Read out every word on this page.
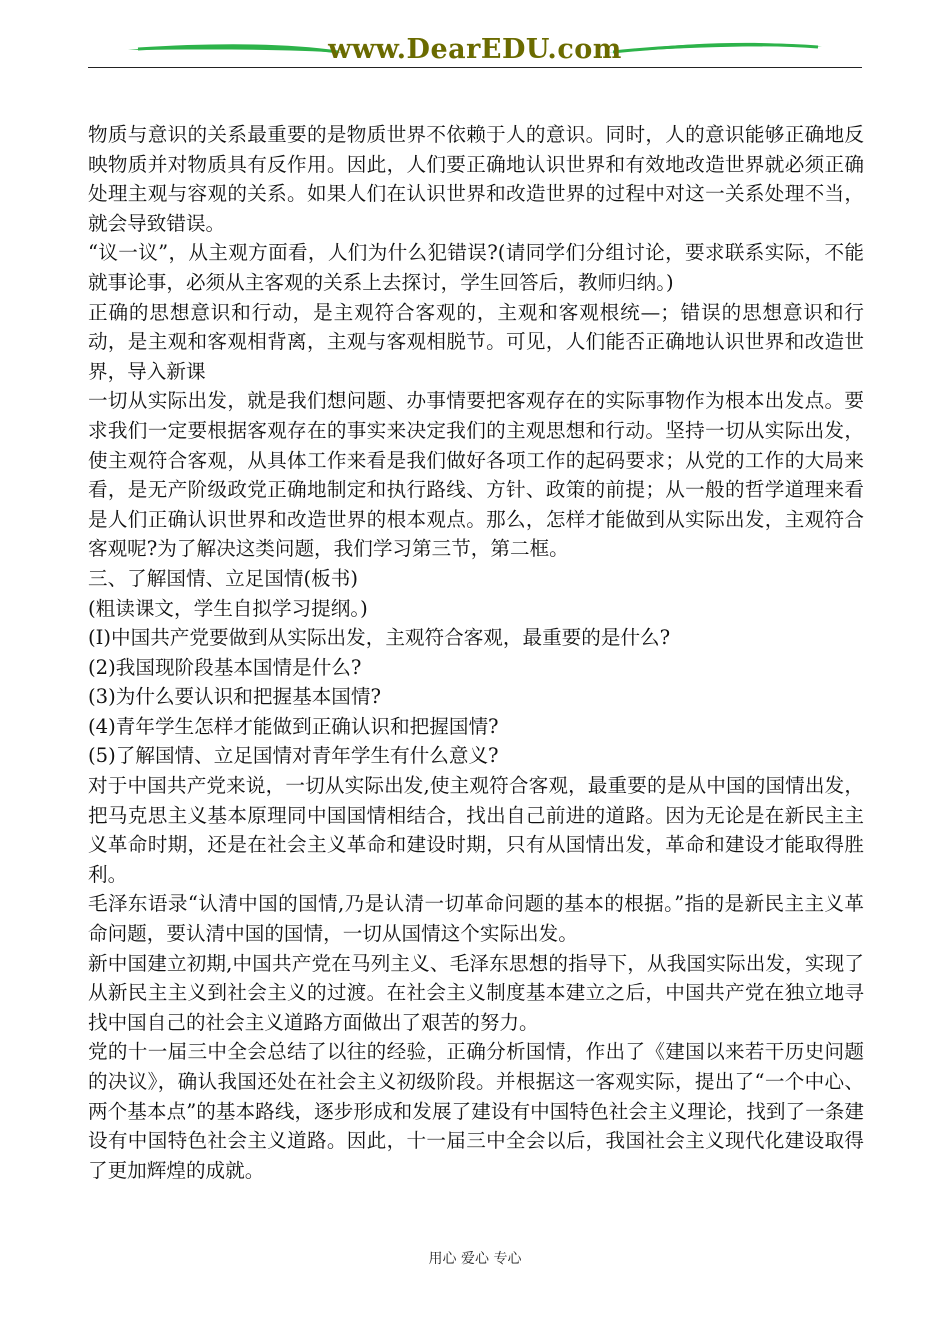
www.DearEDU.com

物质与意识的关系最重要的是物质世界不依赖于人的意识。同时，人的意识能够正确地反映物质并对物质具有反作用。因此，人们要正确地认识世界和有效地改造世界就必须正确处理主观与容观的关系。如果人们在认识世界和改造世界的过程中对这一关系处理不当，就会导致错误。

“议一议”，从主观方面看，人们为什么犯错误?(请同学们分组讨论，要求联系实际，不能就事论事，必须从主客观的关系上去探讨，学生回答后，教师归纳。)

正确的思想意识和行动，是主观符合客观的，主观和客观根统—；错误的思想意识和行动，是主观和客观相背离，主观与客观相脱节。可见，人们能否正确地认识世界和改造世界，导入新课

一切从实际出发，就是我们想问题、办事情要把客观存在的实际事物作为根本出发点。要求我们一定要根据客观存在的事实来决定我们的主观思想和行动。坚持一切从实际出发，使主观符合客观，从具体工作来看是我们做好各项工作的起码要求；从党的工作的大局来看，是无产阶级政党正确地制定和执行路线、方针、政策的前提；从一般的哲学道理来看是人们正确认识世界和改造世界的根本观点。那么，怎样才能做到从实际出发，主观符合客观呢?为了解决这类问题，我们学习第三节，第二框。

三、了解国情、立足国情(板书)

(粗读课文，学生自拟学习提纲。)

(I)中国共产党要做到从实际出发，主观符合客观，最重要的是什么?

(2)我国现阶段基本国情是什么?

(3)为什么要认识和把握基本国情?

(4)青年学生怎样才能做到正确认识和把握国情?

(5)了解国情、立足国情对青年学生有什么意义?

对于中国共产党来说，一切从实际出发,使主观符合客观，最重要的是从中国的国情出发，把马克思主义基本原理同中国国情相结合，找出自己前进的道路。因为无论是在新民主主义革命时期，还是在社会主义革命和建设时期，只有从国情出发，革命和建设才能取得胜利。

毛泽东语录“认清中国的国情,乃是认清一切革命问题的基本的根据。”指的是新民主主义革命问题，要认清中国的国情，一切从国情这个实际出发。

新中国建立初期,中国共产党在马列主义、毛泽东思想的指导下，从我国实际出发，实现了从新民主主义到社会主义的过渡。在社会主义制度基本建立之后，中国共产党在独立地寻找中国自己的社会主义道路方面做出了艰苦的努力。

党的十一届三中全会总结了以往的经验，正确分析国情，作出了《建国以来若干历史问题的决议》，确认我国还处在社会主义初级阶段。并根据这一客观实际，提出了“一个中心、两个基本点”的基本路线，逐步形成和发展了建设有中国特色社会主义理论，找到了一条建设有中国特色社会主义道路。因此，十一届三中全会以后，我国社会主义现代化建设取得了更加辉煌的成就。

用心 爱心 专心
